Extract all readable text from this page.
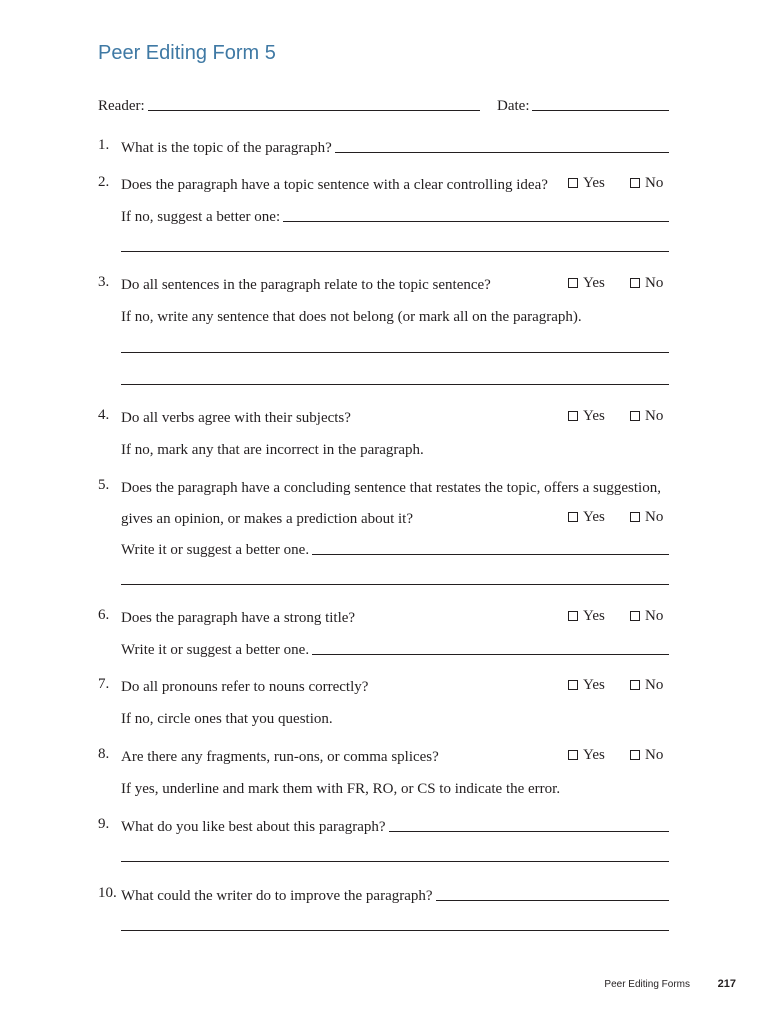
Peer Editing Form 5
Reader:	Date:
1. What is the topic of the paragraph?
2. Does the paragraph have a topic sentence with a clear controlling idea? Yes	No
If no, suggest a better one:
3. Do all sentences in the paragraph relate to the topic sentence?	Yes	No
If no, write any sentence that does not belong (or mark all on the paragraph).
4. Do all verbs agree with their subjects?	Yes	No
If no, mark any that are incorrect in the paragraph.
5. Does the paragraph have a concluding sentence that restates the topic, offers a suggestion,
gives an opinion, or makes a prediction about it?	Yes	No
Write it or suggest a better one.
6. Does the paragraph have a strong title?	Yes	No
Write it or suggest a better one.
7. Do all pronouns refer to nouns correctly?	Yes	No
If no, circle ones that you question.
8. Are there any fragments, run-ons, or comma splices?	Yes	No
If yes, underline and mark them with FR, RO, or CS to indicate the error.
9. What do you like best about this paragraph?
10. What could the writer do to improve the paragraph?
Peer Editing Forms	217
